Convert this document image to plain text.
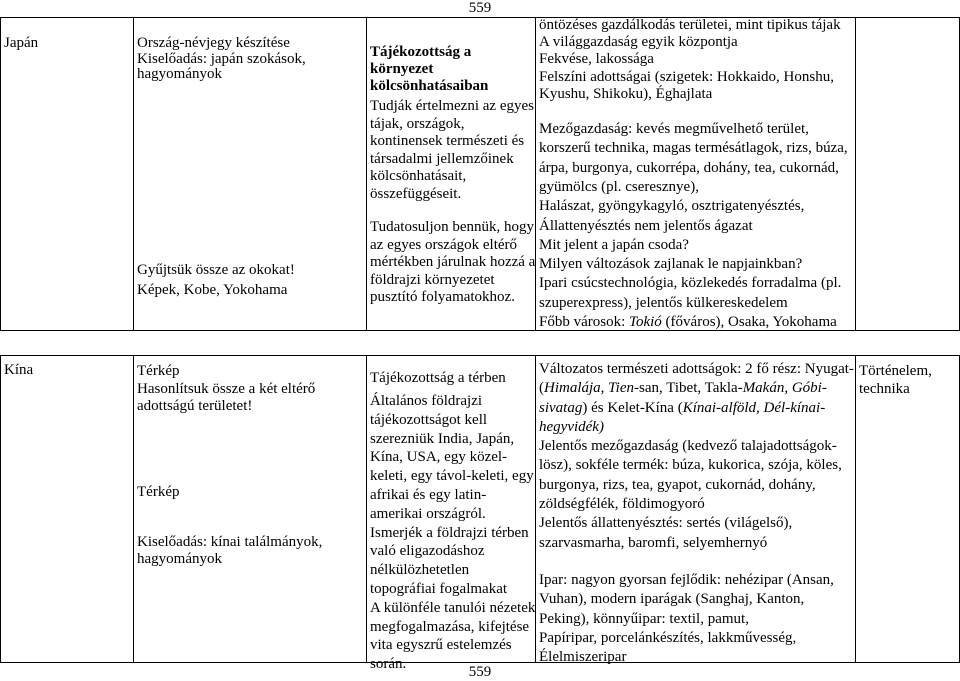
559
559
Japán	Ország-névjegy készítése
Kiselőadás: japán szokások,
hagyományok
Gyűjtsük össze az okokat!
Képek, Kobe, Yokohama
Tájékozottság a
környezet
kölcsönhatásaiban
Tudják értelmezni az egyes
tájak, országok,
kontinensek természeti és
társadalmi jellemzőinek
kölcsönhatásait,
összefüggéseit.
Tudatosuljon bennük, hogy
az egyes országok eltérő
mértékben járulnak hozzá a
földrajzi környezetet
pusztító folyamatokhoz.
öntözéses gazdálkodás területei, mint tipikus tájak
A világgazdaság egyik központja
Fekvése, lakossága
Felszíni adottságai (szigetek: Hokkaido, Honshu,
Kyushu, Shikoku), Éghajlata
Mezőgazdaság: kevés megművelhető terület,
korszerű technika, magas termésátlagok, rizs, búza,
árpa, burgonya, cukorrépa, dohány, tea, cukornád,
gyümölcs (pl. cseresznye),
Halászat, gyöngykagyló, osztrigatenyésztés,
Állattenyésztés nem jelentős ágazat
Mit jelent a japán csoda?
Milyen változások zajlanak le napjainkban?
Ipari csúcstechnológia, közlekedés forradalma (pl.
szuperexpress), jelentős külkereskedelem
Főbb városok: Tokió (főváros), Osaka, Yokohama
Kína	Térkép
Hasonlítsuk össze a két eltérő
adottságú területet!
Térkép
Kiselőadás: kínai találmányok,
hagyományok
Tájékozottság a térben
Általános földrajzi
tájékozottságot kell
szerezniük India, Japán,
Kína, USA, egy közel-
keleti, egy távol-keleti, egy
afrikai és egy latin-
amerikai országról.
Ismerjék a földrajzi térben
való eligazodáshoz
nélkülözhetetlen
topográfiai fogalmakat
A különféle tanulói nézetek
megfogalmazása, kifejtése
vita egyszrű estelemzés
során.
Változatos természeti adottságok: 2 fő rész: Nyugat-
(Himalája, Tien-san, Tibet, Takla-Makán, Góbi-
sivatag) és Kelet-Kína (Kínai-alföld, Dél-kínai-
hegyvidék)
Jelentős mezőgazdaság (kedvező talajadottságok-
lösz), sokféle termék: búza, kukorica, szója, köles,
burgonya, rizs, tea, gyapot, cukornád, dohány,
zöldségfélék, földimogyoró
Jelentős állattenyésztés: sertés (világelső),
szarvasmarha, baromfi, selyemhernyó
Ipar: nagyon gyorsan fejlődik: nehézipar (Ansan,
Vuhan), modern iparágak (Sanghaj, Kanton,
Peking), könnyűipar: textil, pamut,
Papíripar, porcelánkészítés, lakkművesség,
Élelmiszeripar
Történelem,
technika
